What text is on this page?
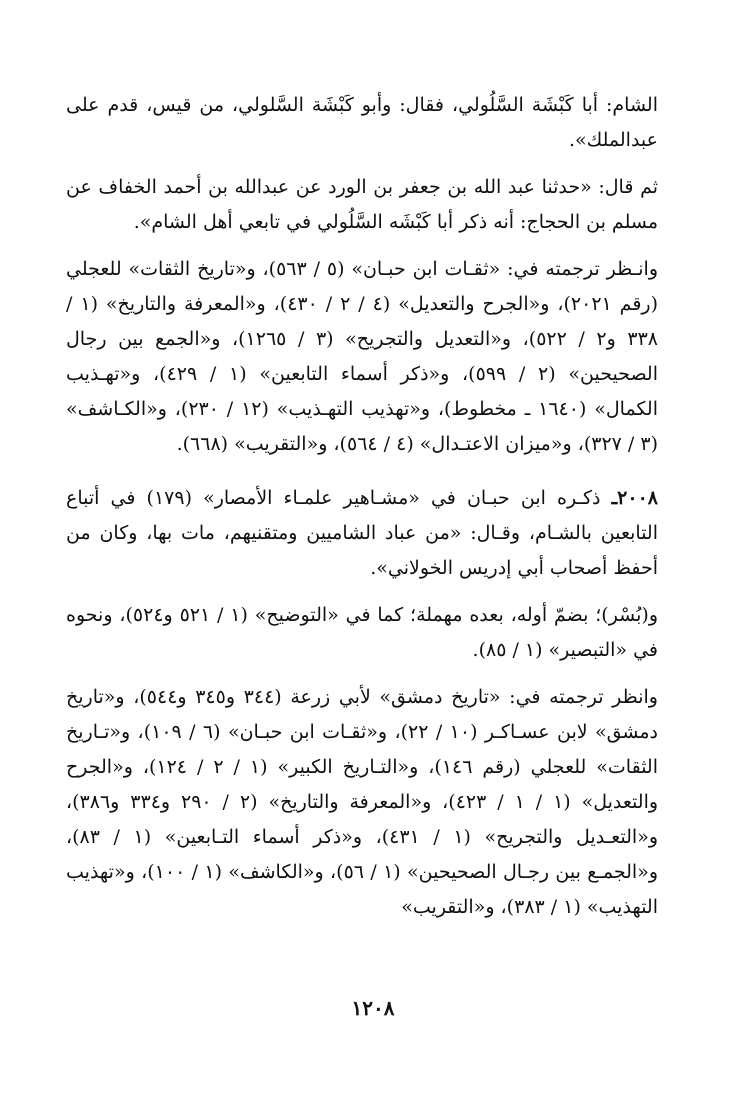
الشام: أبا كَبْشَة السَّلُولي، فقال: وأبو كَبْشَة السَّلولي، من قيس، قدم على عبدالملك».

ثم قال: «حدثنا عبد الله بن جعفر بن الورد عن عبدالله بن أحمد الخفاف عن مسلم بن الحجاج: أنه ذكر أبا كَبْشَه السَّلُولي في تابعي أهل الشام».

وانـظر ترجمته في: «ثقـات ابن حبـان» (٥ / ٥٦٣)، و«تاريخ الثقات» للعجلي (رقم ٢٠٢١)، و«الجرح والتعديل» (٤ / ٢ / ٤٣٠)، و«المعرفة والتاريخ» (١ / ٣٣٨ و٢ / ٥٢٢)، و«التعديل والتجريح» (٣ / ١٢٦٥)، و«الجمع بين رجال الصحيحين» (٢ / ٥٩٩)، و«ذكر أسماء التابعين» (١ / ٤٢٩)، و«تهـذيب الكمال» (١٦٤٠ ـ مخطوط)، و«تهذيب التهـذيب» (١٢ / ٢٣٠)، و«الكـاشف» (٣ / ٣٢٧)، و«ميزان الاعتـدال» (٤ / ٥٦٤)، و«التقريب» (٦٦٨).

٢٠٠٨ـ ذكـره ابن حبـان في «مشـاهير علمـاء الأمصار» (١٧٩) في أتباع التابعين بالشـام، وقـال: «من عباد الشاميين ومتقنيهم، مات بها، وكان من أحفظ أصحاب أبي إدريس الخولاني».

و(بُسْر)؛ بضمّ أوله، بعده مهملة؛ كما في «التوضيح» (١ / ٥٢١ و٥٢٤)، ونحوه في «التبصير» (١ / ٨٥).

وانظر ترجمته في: «تاريخ دمشق» لأبي زرعة (٣٤٤ و٣٤٥ و٥٤٤)، و«تاريخ دمشق» لابن عسـاكـر (١٠ / ٢٢)، و«ثقـات ابن حبـان» (٦ / ١٠٩)، و«تـاريخ الثقات» للعجلي (رقم ١٤٦)، و«التـاريخ الكبير» (١ / ٢ / ١٢٤)، و«الجرح والتعديل» (١ / ١ / ٤٢٣)، و«المعرفة والتاريخ» (٢ / ٢٩٠ و٣٣٤ و٣٨٦)، و«التعـديل والتجريح» (١ / ٤٣١)، و«ذكر أسماء التـابعين» (١ / ٨٣)، و«الجمـع بين رجـال الصحيحين» (١ / ٥٦)، و«الكاشف» (١ / ١٠٠)، و«تهذيب التهذيب» (١ / ٣٨٣)، و«التقريب»

١٢٠٨
